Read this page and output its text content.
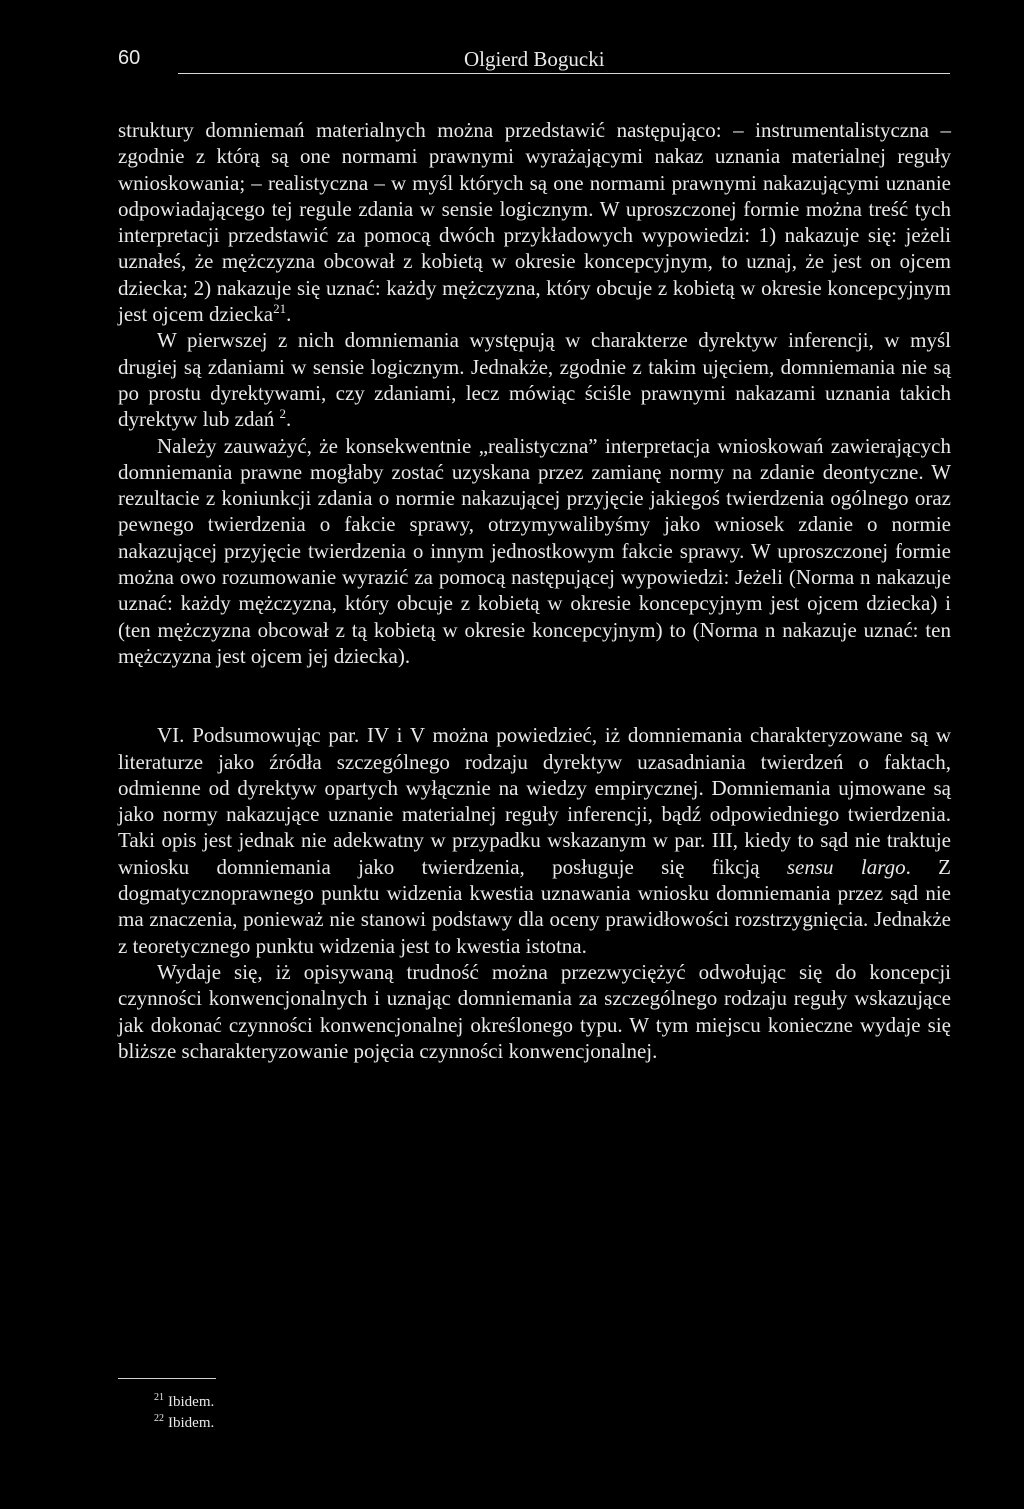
60	Olgierd Bogucki

struktury domniemań materialnych można przedstawić następująco: – instrumentalistyczna – zgodnie z którą są one normami prawnymi wyrażającymi nakaz uznania materialnej reguły wnioskowania; – realistyczna – w myśl których są one normami prawnymi nakazującymi uznanie odpowiadającego tej regule zdania w sensie logicznym. W uproszczonej formie można treść tych interpretacji przedstawić za pomocą dwóch przykładowych wypowiedzi: 1) nakazuje się: jeżeli uznałeś, że mężczyzna obcował z kobietą w okresie koncepcyjnym, to uznaj, że jest on ojcem dziecka; 2) nakazuje się uznać: każdy mężczyzna, który obcuje z kobietą w okresie koncepcyjnym jest ojcem dziecka$^{21}$.

W pierwszej z nich domniemania występują w charakterze dyrektyw inferencji, w myśl drugiej są zdaniami w sensie logicznym. Jednakże, zgodnie z takim ujęciem, domniemania nie są po prostu dyrektywami, czy zdaniami, lecz mówiąc ściśle prawnymi nakazami uznania takich dyrektyw lub zdań $^2$.

Należy zauważyć, że konsekwentnie „realistyczna” interpretacja wnioskowań zawierających domniemania prawne mogłaby zostać uzyskana przez zamianę normy na zdanie deontyczne. W rezultacie z koniunkcji zdania o normie nakazującej przyjęcie jakiegoś twierdzenia ogólnego oraz pewnego twierdzenia o fakcie sprawy, otrzymywalibyśmy jako wniosek zdanie o normie nakazującej przyjęcie twierdzenia o innym jednostkowym fakcie sprawy. W uproszczonej formie można owo rozumowanie wyrazić za pomocą następującej wypowiedzi: Jeżeli (Norma n nakazuje uznać: każdy mężczyzna, który obcuje z kobietą w okresie koncepcyjnym jest ojcem dziecka) i (ten mężczyzna obcował z tą kobietą w okresie koncepcyjnym) to (Norma n nakazuje uznać: ten mężczyzna jest ojcem jej dziecka).

VI. Podsumowując par. IV i V można powiedzieć, iż domniemania charakteryzowane są w literaturze jako źródła szczególnego rodzaju dyrektyw uzasadniania twierdzeń o faktach, odmienne od dyrektyw opartych wyłącznie na wiedzy empirycznej. Domniemania ujmowane są jako normy nakazujące uznanie materialnej reguły inferencji, bądź odpowiedniego twierdzenia. Taki opis jest jednak nie adekwatny w przypadku wskazanym w par. III, kiedy to sąd nie traktuje wniosku domniemania jako twierdzenia, posługuje się fikcją sensu largo. Z dogmatycznoprawnego punktu widzenia kwestia uznawania wniosku domniemania przez sąd nie ma znaczenia, ponieważ nie stanowi podstawy dla oceny prawidłowości rozstrzygnięcia. Jednakże z teoretycznego punktu widzenia jest to kwestia istotna.

Wydaje się, iż opisywaną trudność można przezwyciężyć odwołując się do koncepcji czynności konwencjonalnych i uznając domniemania za szczególnego rodzaju reguły wskazujące jak dokonać czynności konwencjonalnej określonego typu. W tym miejscu konieczne wydaje się bliższe scharakteryzowanie pojęcia czynności konwencjonalnej.

$^{21}$ Ibidem.
$^{22}$ Ibidem.
